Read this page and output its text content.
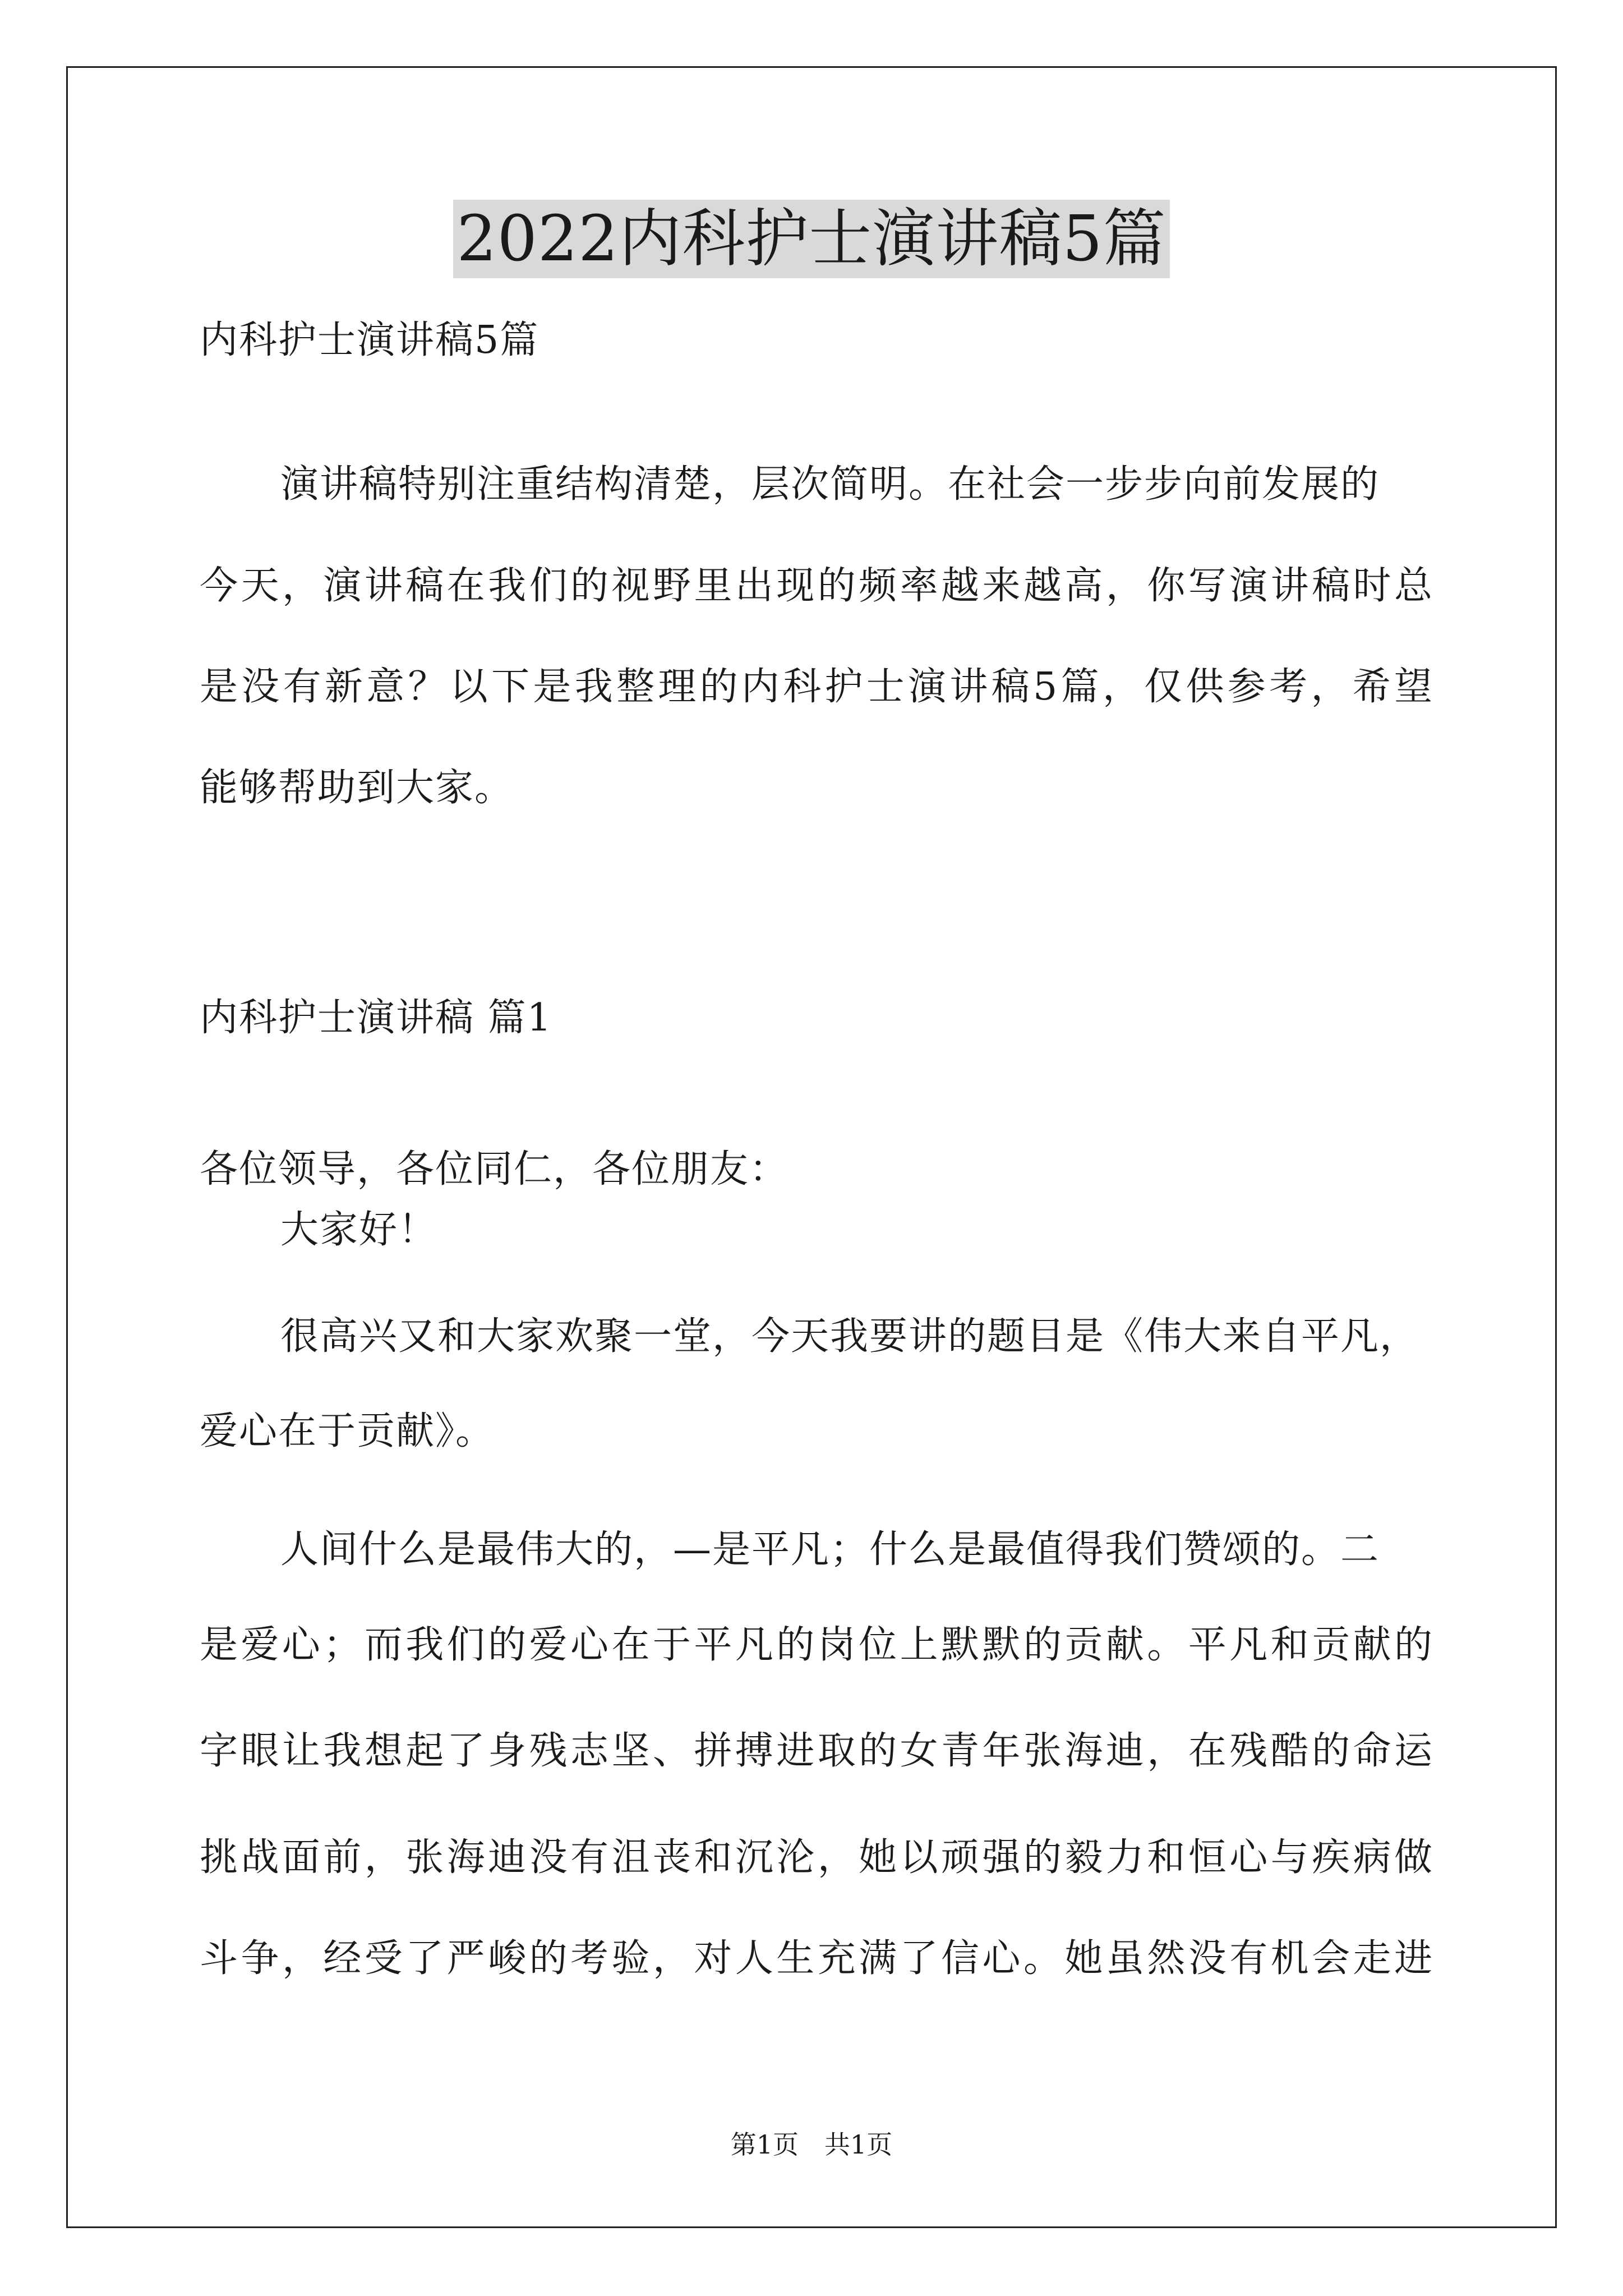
2022内科护士演讲稿5篇
内科护士演讲稿5篇
演讲稿特别注重结构清楚，层次简明。在社会一步步向前发展的
今天，演讲稿在我们的视野里出现的频率越来越高，你写演讲稿时总
是没有新意？以下是我整理的内科护士演讲稿5篇，仅供参考，希望
能够帮助到大家。
内科护士演讲稿 篇1
各位领导，各位同仁，各位朋友：
大家好！
很高兴又和大家欢聚一堂，今天我要讲的题目是《伟大来自平凡，
爱心在于贡献》。
人间什么是最伟大的，—是平凡；什么是最值得我们赞颂的。二
是爱心；而我们的爱心在于平凡的岗位上默默的贡献。平凡和贡献的
字眼让我想起了身残志坚、拼搏进取的女青年张海迪，在残酷的命运
挑战面前，张海迪没有沮丧和沉沦，她以顽强的毅力和恒心与疾病做
斗争，经受了严峻的考验，对人生充满了信心。她虽然没有机会走进
第1页　共1页
